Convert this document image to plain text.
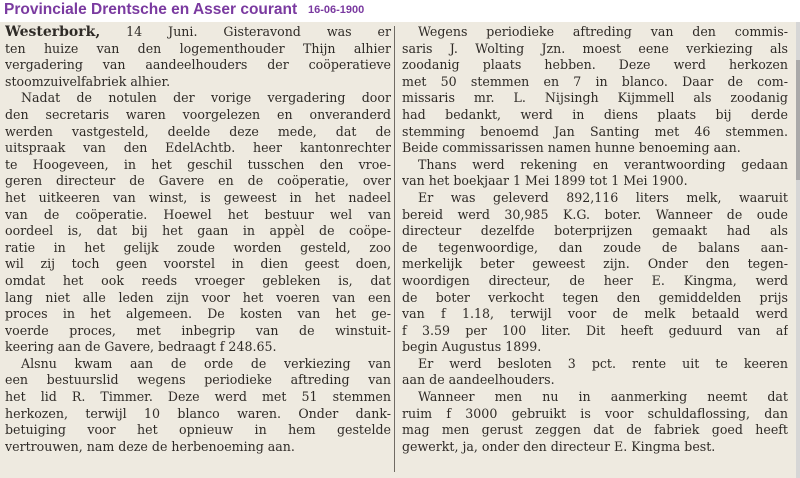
Provinciale Drentsche en Asser courant 16-06-1900
Westerbork, 14 Juni. Gisteravond was er
ten huize van den logementhouder Thijn alhier
vergadering van aandeelhouders der coöperatieve
stoomzuivelfabriek alhier.
Nadat de notulen der vorige vergadering door
den secretaris waren voorgelezen en onveranderd
werden vastgesteld, deelde deze mede, dat de
uitspraak van den EdelAchtb. heer kantonrechter
te Hoogeveen, in het geschil tusschen den vroe-
geren directeur de Gavere en de coöperatie, over
het uitkeeren van winst, is geweest in het nadeel
van de coöperatie. Hoewel het bestuur wel van
oordeel is, dat bij het gaan in appèl de coöpe-
ratie in het gelijk zoude worden gesteld, zoo
wil zij toch geen voorstel in dien geest doen,
omdat het ook reeds vroeger gebleken is, dat
lang niet alle leden zijn voor het voeren van een
proces in het algemeen. De kosten van het ge-
voerde proces, met inbegrip van de winstuit-
keering aan de Gavere, bedraagt f 248.65.
Alsnu kwam aan de orde de verkiezing van
een bestuurslid wegens periodieke aftreding van
het lid R. Timmer. Deze werd met 51 stemmen
herkozen, terwijl 10 blanco waren. Onder dank-
betuiging voor het opnieuw in hem gestelde
vertrouwen, nam deze de herbenoeming aan.
Wegens periodieke aftreding van den commis-
saris J. Wolting Jzn. moest eene verkiezing als
zoodanig plaats hebben. Deze werd herkozen
met 50 stemmen en 7 in blanco. Daar de com-
missaris mr. L. Nijsingh Kijmmell als zoodanig
had bedankt, werd in diens plaats bij derde
stemming benoemd Jan Santing met 46 stemmen.
Beide commissarissen namen hunne benoeming aan.
Thans werd rekening en verantwoording gedaan
van het boekjaar 1 Mei 1899 tot 1 Mei 1900.
Er was geleverd 892,116 liters melk, waaruit
bereid werd 30,985 K.G. boter. Wanneer de oude
directeur dezelfde boterprijzen gemaakt had als
de tegenwoordige, dan zoude de balans aan-
merkelijk beter geweest zijn. Onder den tegen-
woordigen directeur, de heer E. Kingma, werd
de boter verkocht tegen den gemiddelden prijs
van f 1.18, terwijl voor de melk betaald werd
f 3.59 per 100 liter. Dit heeft geduurd van af
begin Augustus 1899.
Er werd besloten 3 pct. rente uit te keeren
aan de aandeelhouders.
Wanneer men nu in aanmerking neemt dat
ruim f 3000 gebruikt is voor schuldaflossing, dan
mag men gerust zeggen dat de fabriek goed heeft
gewerkt, ja, onder den directeur E. Kingma best.
